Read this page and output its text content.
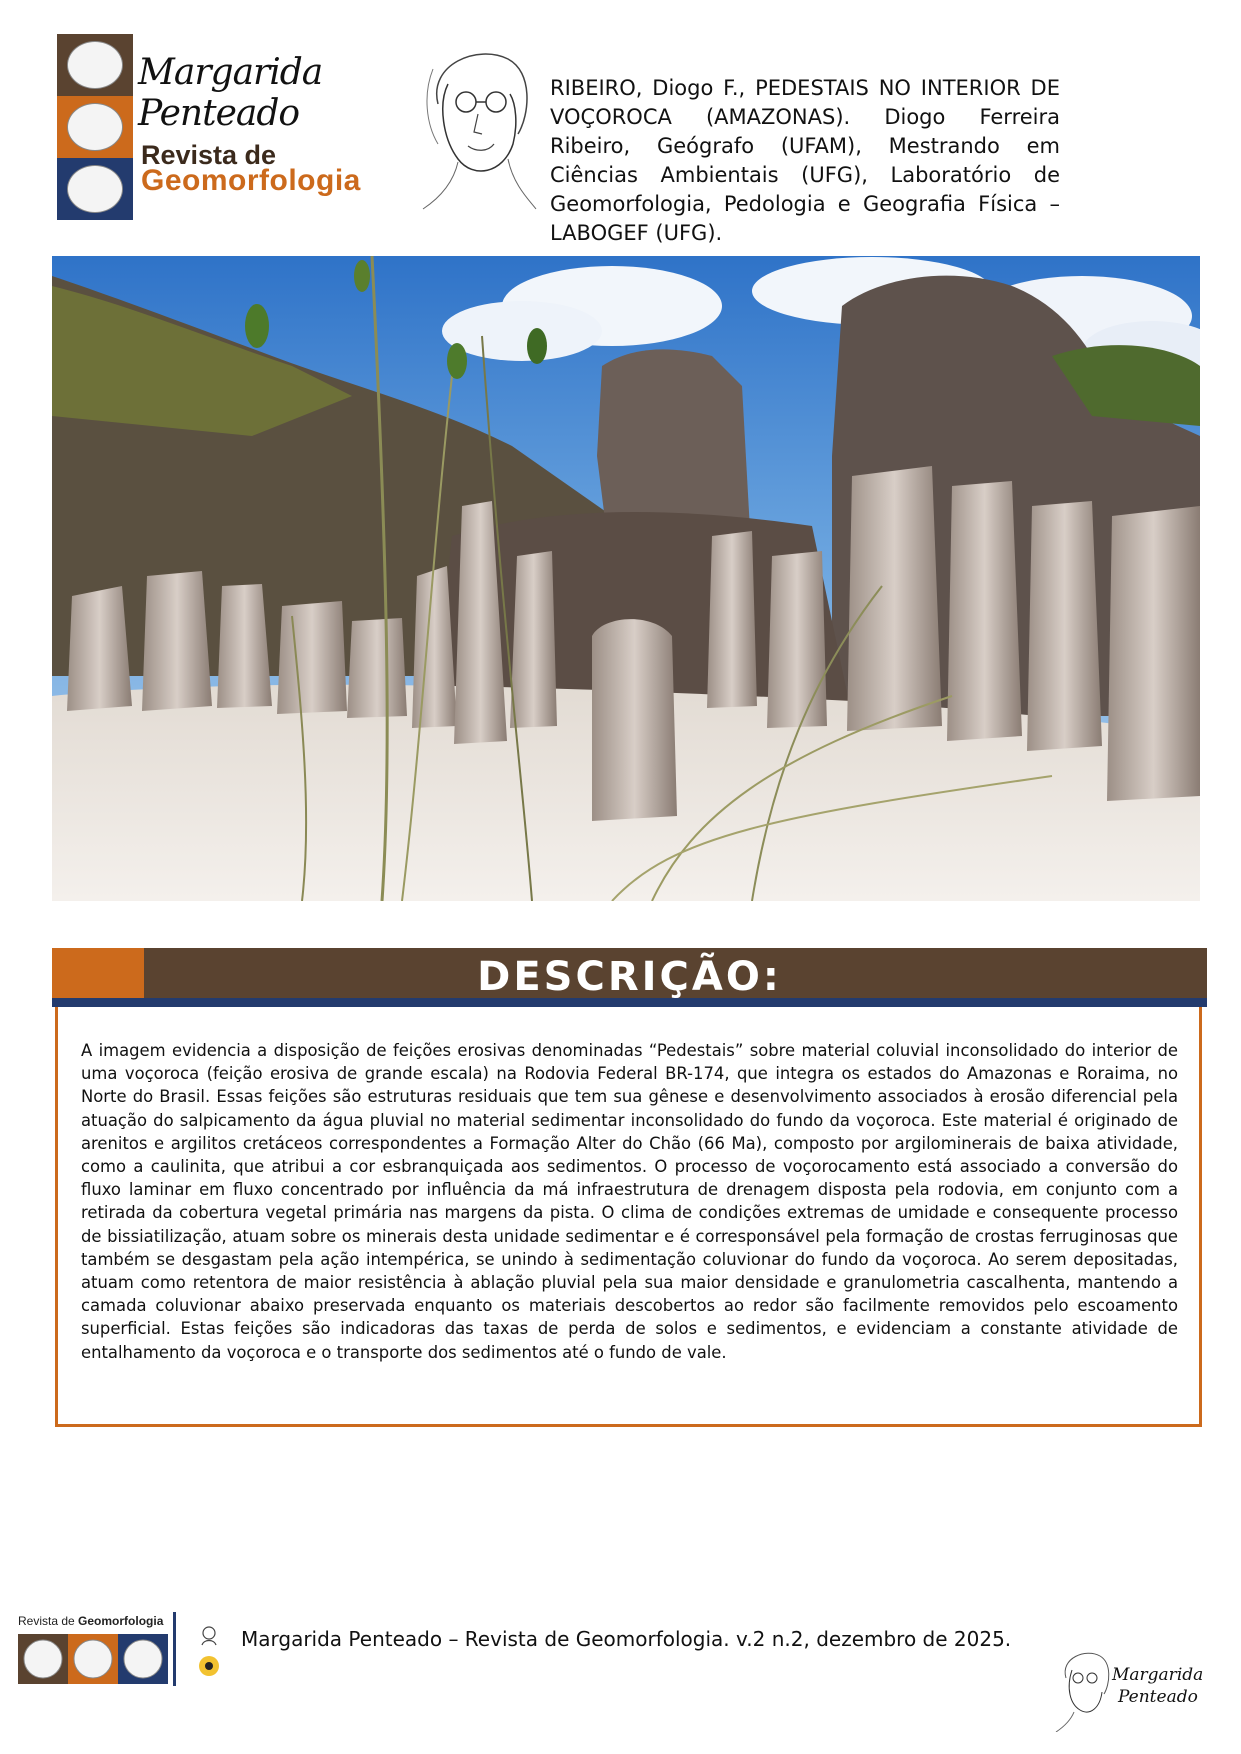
Margarida Penteado
Revista de
Geomorfologia
RIBEIRO, Diogo F., PEDESTAIS NO INTERIOR DE VOÇOROCA (AMAZONAS). Diogo Ferreira Ribeiro, Geógrafo (UFAM), Mestrando em Ciências Ambientais (UFG), Laboratório de Geomorfologia, Pedologia e Geografia Física – LABOGEF (UFG).
DESCRIÇÃO:
A imagem evidencia a disposição de feições erosivas denominadas “Pedestais” sobre material coluvial inconsolidado do interior de uma voçoroca (feição erosiva de grande escala) na Rodovia Federal BR-174, que integra os estados do Amazonas e Roraima, no Norte do Brasil. Essas feições são estruturas residuais que tem sua gênese e desenvolvimento associados à erosão diferencial pela atuação do salpicamento da água pluvial no material sedimentar inconsolidado do fundo da voçoroca. Este material é originado de arenitos e argilitos cretáceos correspondentes a Formação Alter do Chão (66 Ma), composto por argilominerais de baixa atividade, como a caulinita, que atribui a cor esbranquiçada aos sedimentos. O processo de voçorocamento está associado a conversão do fluxo laminar em fluxo concentrado por influência da má infraestrutura de drenagem disposta pela rodovia, em conjunto com a retirada da cobertura vegetal primária nas margens da pista. O clima de condições extremas de umidade e consequente processo de bissiatilização, atuam sobre os minerais desta unidade sedimentar e é corresponsável pela formação de crostas ferruginosas que também se desgastam pela ação intempérica, se unindo à sedimentação coluvionar do fundo da voçoroca. Ao serem depositadas, atuam como retentora de maior resistência à ablação pluvial pela sua maior densidade e granulometria cascalhenta, mantendo a camada coluvionar abaixo preservada enquanto os materiais descobertos ao redor são facilmente removidos pelo escoamento superficial. Estas feições são indicadoras das taxas de perda de solos e sedimentos, e evidenciam a constante atividade de entalhamento da voçoroca e o transporte dos sedimentos até o fundo de vale.
Revista de Geomorfologia
Margarida Penteado – Revista de Geomorfologia. v.2 n.2, dezembro de 2025.
Margarida
Penteado
